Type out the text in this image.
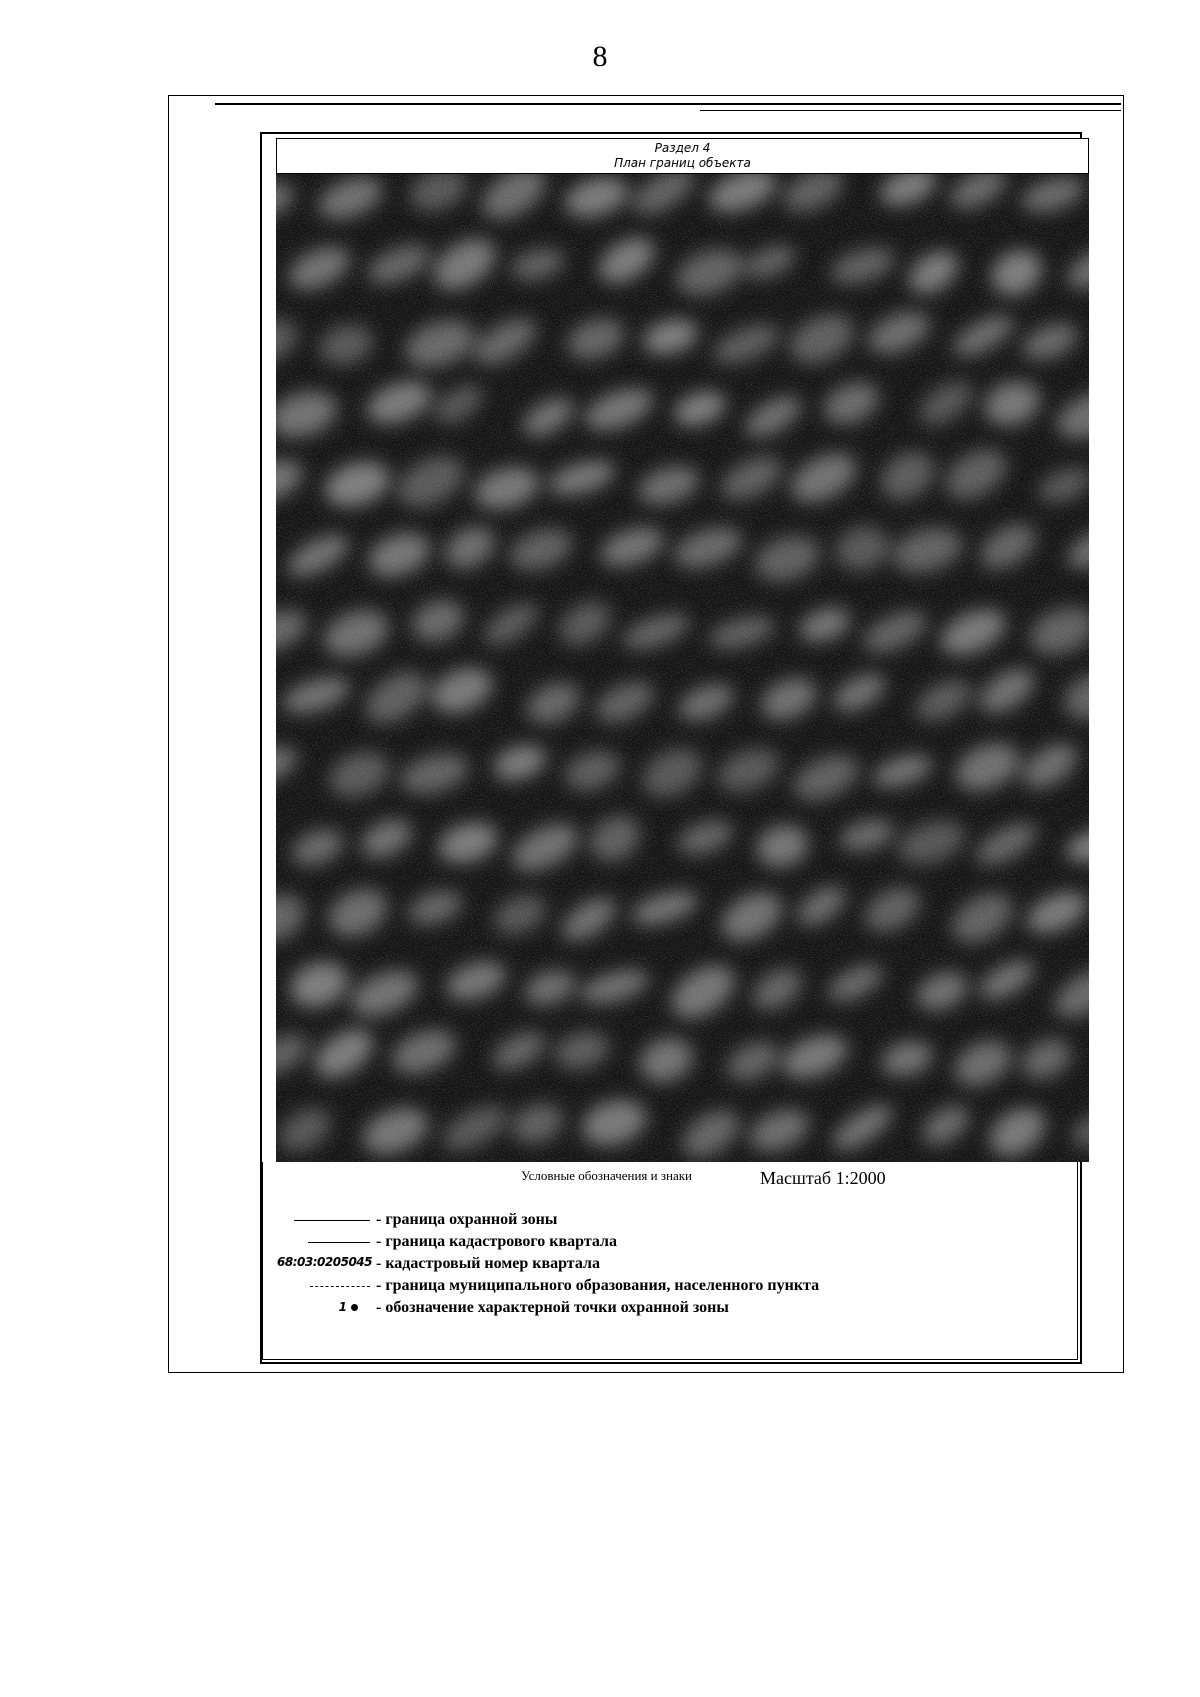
8
Раздел 4
План границ объекта
Условные обозначения и знаки	Масштаб 1:2000
- граница охранной зоны
- граница кадастрового квартала
68:03:0205045 - кадастровый номер квартала
- граница муниципального образования, населенного пункта
1	- обозначение характерной точки охранной зоны
